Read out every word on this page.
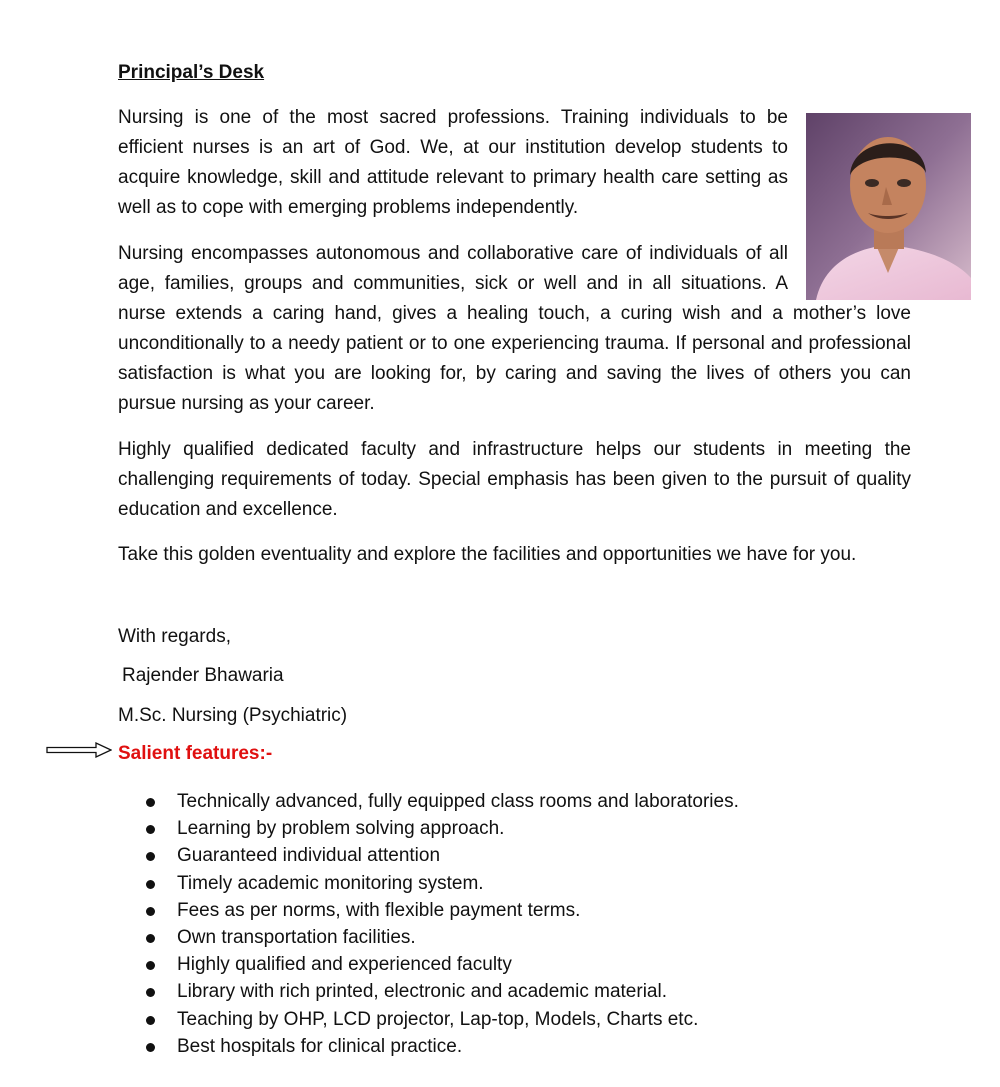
Principal’s Desk

Nursing is one of the most sacred professions. Training individuals to be efficient nurses is an art of God. We, at our institution develop students to acquire knowledge, skill and attitude relevant to primary health care setting as well as to cope with emerging problems independently.

Nursing encompasses autonomous and collaborative care of individuals of all
age, families, groups and communities, sick or well and in all situations. A
nurse extends a caring hand, gives a healing touch, a curing wish and a mother’s love unconditionally to a needy patient or to one experiencing trauma. If personal and professional satisfaction is what you are looking for, by caring and saving the lives of others you can pursue nursing as your career.

Highly qualified dedicated faculty and infrastructure helps our students in meeting the challenging requirements of today. Special emphasis has been given to the pursuit of quality education and excellence.

Take this golden eventuality and explore the facilities and opportunities we have for you.

With regards,
Rajender Bhawaria
M.Sc. Nursing (Psychiatric)
Salient features:-
Technically advanced, fully equipped class rooms and laboratories.
Learning by problem solving approach.
Guaranteed individual attention
Timely academic monitoring system.
Fees as per norms, with flexible payment terms.
Own transportation facilities.
Highly qualified and experienced faculty
Library with rich printed, electronic and academic material.
Teaching by OHP, LCD projector, Lap-top, Models, Charts etc.
Best hospitals for clinical practice.
